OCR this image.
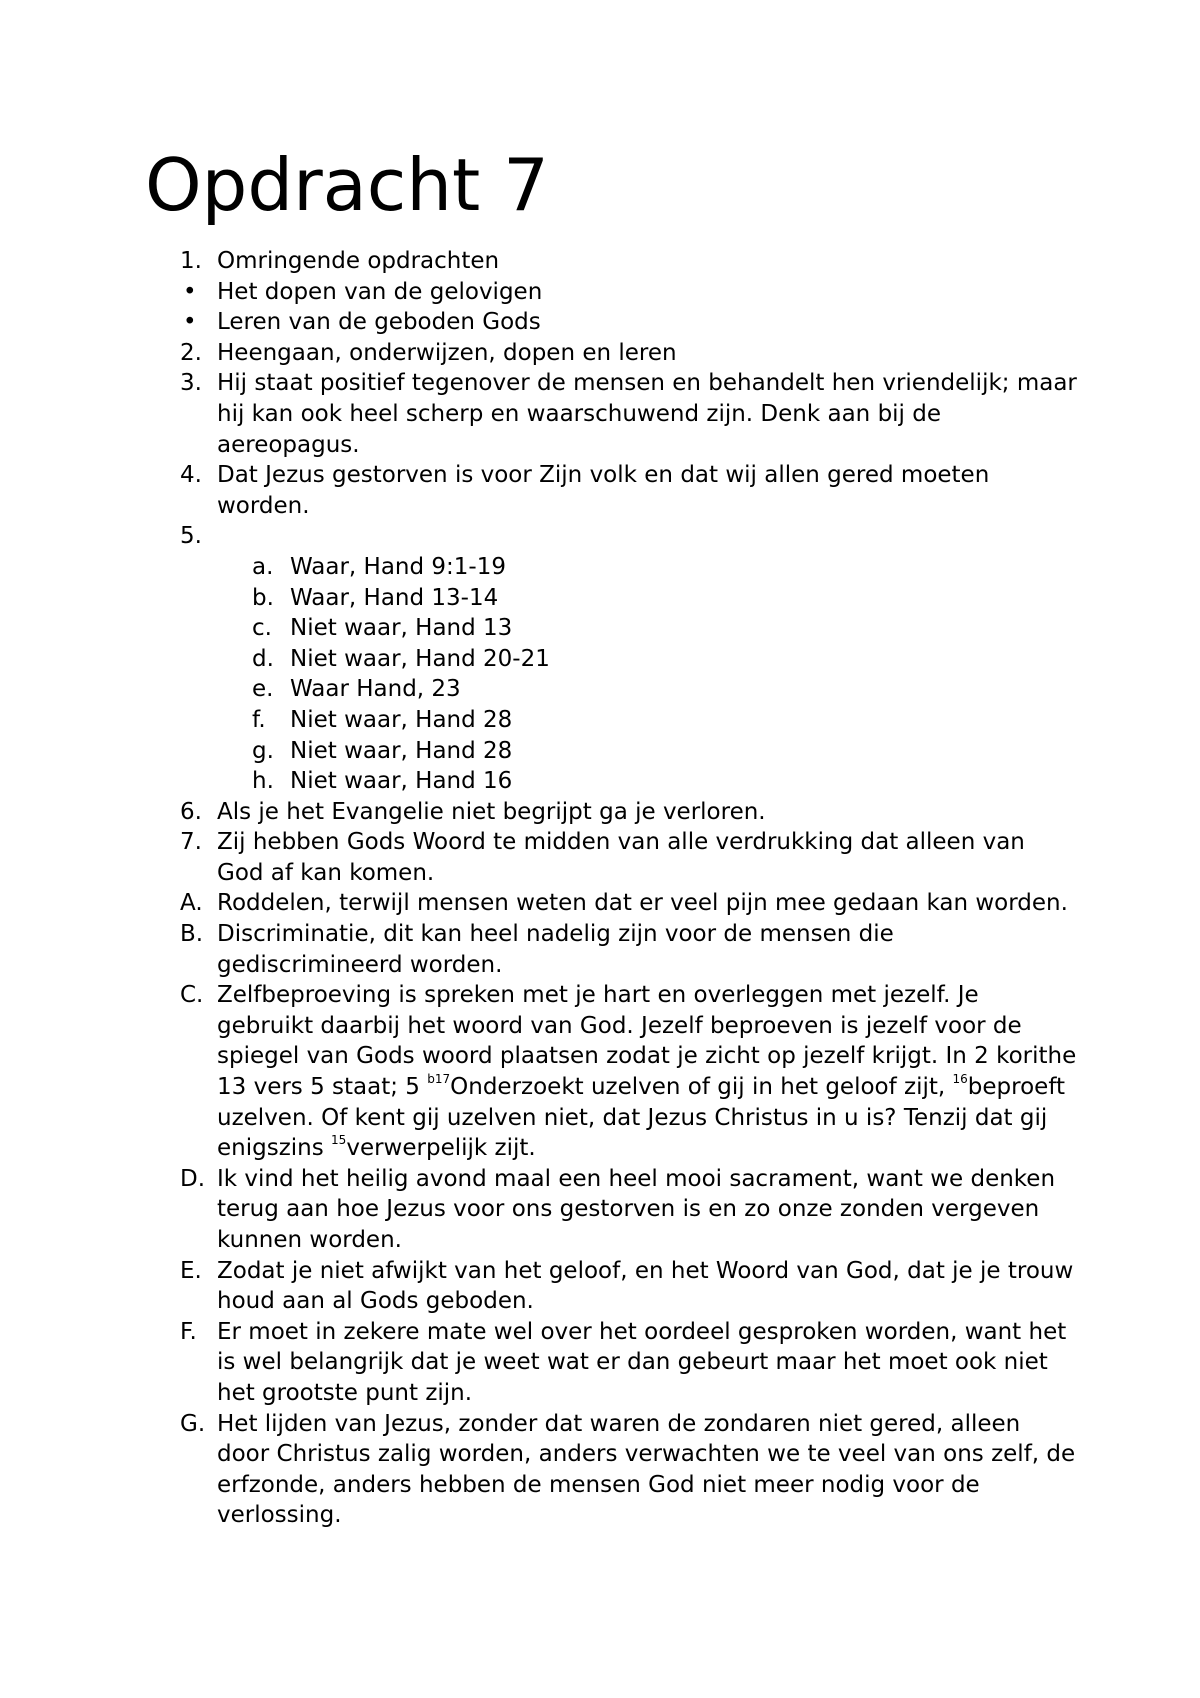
Opdracht 7
1. Omringende opdrachten
• Het dopen van de gelovigen
• Leren van de geboden Gods
2. Heengaan, onderwijzen, dopen en leren
3. Hij staat positief tegenover de mensen en behandelt hen vriendelijk; maar hij kan ook heel scherp en waarschuwend zijn. Denk aan bij de aereopagus.
4. Dat Jezus gestorven is voor Zijn volk en dat wij allen gered moeten worden.
5.
a. Waar, Hand 9:1-19
b. Waar, Hand 13-14
c. Niet waar, Hand 13
d. Niet waar, Hand 20-21
e. Waar Hand, 23
f. Niet waar, Hand 28
g. Niet waar, Hand 28
h. Niet waar, Hand 16
6. Als je het Evangelie niet begrijpt ga je verloren.
7. Zij hebben Gods Woord te midden van alle verdrukking dat alleen van God af kan komen.
A. Roddelen, terwijl mensen weten dat er veel pijn mee gedaan kan worden.
B. Discriminatie, dit kan heel nadelig zijn voor de mensen die gediscrimineerd worden.
C. Zelfbeproeving is spreken met je hart en overleggen met jezelf. Je gebruikt daarbij het woord van God. Jezelf beproeven is jezelf voor de spiegel van Gods woord plaatsen zodat je zicht op jezelf krijgt. In 2 korithe 13 vers 5 staat; 5 $^{b17}$Onderzoekt uzelven of gij in het geloof zijt, $^{16}$beproeft uzelven. Of kent gij uzelven niet, dat Jezus Christus in u is? Tenzij dat gij enigszins $^{15}$verwerpelijk zijt.
D. Ik vind het heilig avond maal een heel mooi sacrament, want we denken terug aan hoe Jezus voor ons gestorven is en zo onze zonden vergeven kunnen worden.
E. Zodat je niet afwijkt van het geloof, en het Woord van God, dat je je trouw houd aan al Gods geboden.
F. Er moet in zekere mate wel over het oordeel gesproken worden, want het is wel belangrijk dat je weet wat er dan gebeurt maar het moet ook niet het grootste punt zijn.
G. Het lijden van Jezus, zonder dat waren de zondaren niet gered, alleen door Christus zalig worden, anders verwachten we te veel van ons zelf, de erfzonde, anders hebben de mensen God niet meer nodig voor de verlossing.
